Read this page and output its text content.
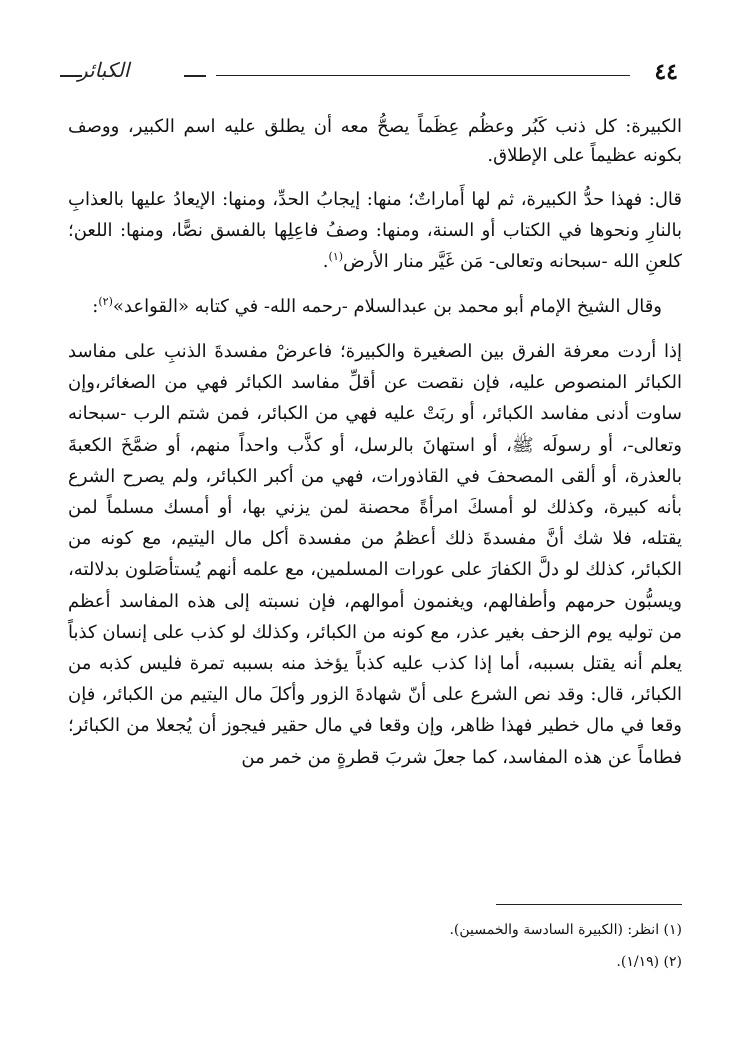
الكبائر	٤٤

الكبيرة: كل ذنب كَبُر وعظُم عِظَماً يصحُّ معه أن يطلق عليه اسم الكبير، ووصف بكونه عظيماً على الإطلاق.

قال: فهذا حدُّ الكبيرة، ثم لها أَماراتٌ؛ منها: إيجابُ الحدِّ، ومنها: الإيعادُ عليها بالعذابِ بالنارِ ونحوها في الكتاب أو السنة، ومنها: وصفُ فاعِلِها بالفسق نصًّا، ومنها: اللعن؛ كلعنِ الله -سبحانه وتعالى- مَن غَيَّر منار الأرض$^{(١)}$.

وقال الشيخ الإمام أبو محمد بن عبدالسلام -رحمه الله- في كتابه «القواعد»$^{(٢)}$:

إذا أردت معرفة الفرق بين الصغيرة والكبيرة؛ فاعرضْ مفسدةَ الذنبِ على مفاسد الكبائر المنصوص عليه، فإن نقصت عن أقلِّ مفاسد الكبائر فهي من الصغائر،وإن ساوت أدنى مفاسد الكبائر، أو ربَتْ عليه فهي من الكبائر، فمن شتم الرب -سبحانه وتعالى-، أو رسولَه ﷺ، أو استهانَ بالرسل، أو كذَّب واحداً منهم، أو ضمَّخَ الكعبةَ بالعذرة، أو ألقى المصحفَ في القاذورات، فهي من أكبر الكبائر، ولم يصرح الشرع بأنه كبيرة، وكذلك لو أمسكَ امرأةً محصنة لمن يزني بها، أو أمسك مسلماً لمن يقتله، فلا شك أنَّ مفسدةَ ذلك أعظمُ من مفسدة أكل مال اليتيم، مع كونه من الكبائر، كذلك لو دلَّ الكفارَ على عورات المسلمين، مع علمه أنهم يُستأصَلون بدلالته، ويسبُّون حرمهم وأطفالهم، ويغنمون أموالهم، فإن نسبته إلى هذه المفاسد أعظم من توليه يوم الزحف بغير عذر، مع كونه من الكبائر، وكذلك لو كذب على إنسان كذباً يعلم أنه يقتل بسببه، أما إذا كذب عليه كذباً يؤخذ منه بسببه تمرة فليس كذبه من الكبائر، قال: وقد نص الشرع على أنّ شهادةَ الزور وأكلَ مال اليتيم من الكبائر، فإن وقعا في مال خطير فهذا ظاهر، وإن وقعا في مال حقير فيجوز أن يُجعلا من الكبائر؛ فطاماً عن هذه المفاسد، كما جعلَ شربَ قطرةٍ من خمر من

(١) انظر: (الكبيرة السادسة والخمسين).
(٢) (١/١٩).
